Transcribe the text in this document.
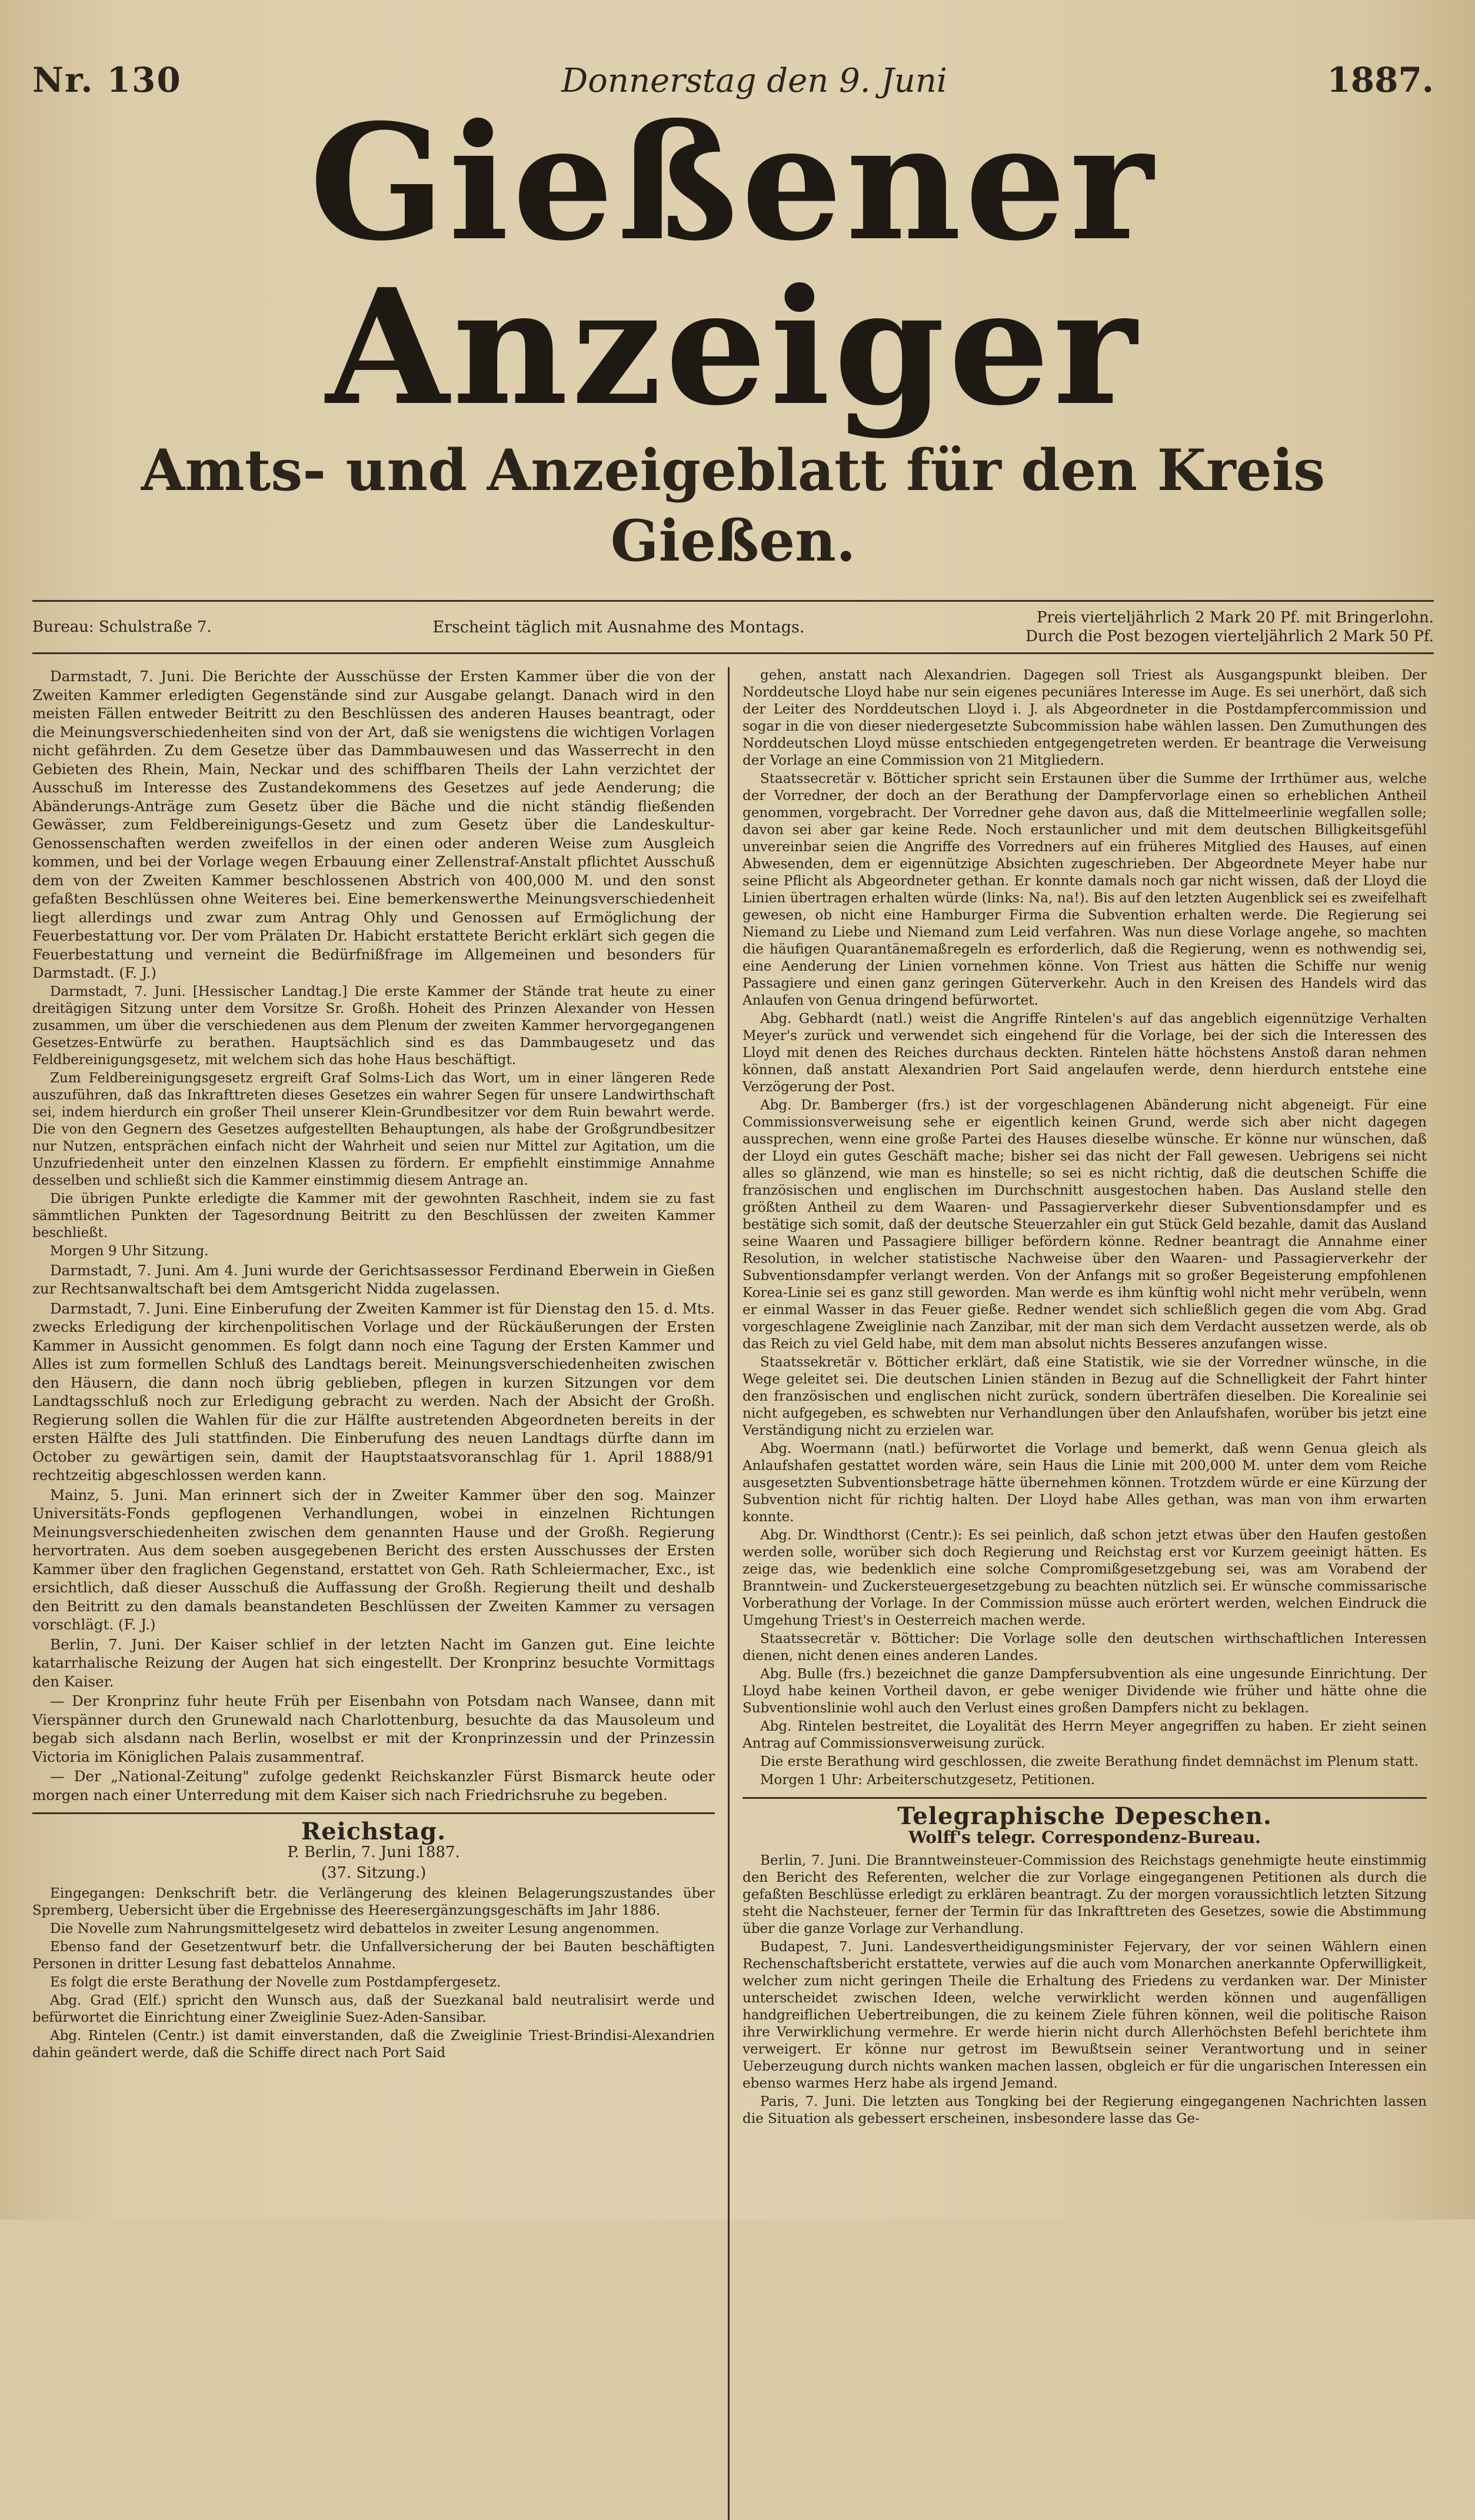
Nr. 130	Donnerstag den 9. Juni	1887.
Gießener Anzeiger
Amts- und Anzeigeblatt für den Kreis Gießen.
Bureau: Schulstraße 7.	Erscheint täglich mit Ausnahme des Montags.
Preis vierteljährlich 2 Mark 20 Pf. mit Bringerlohn.
Durch die Post bezogen vierteljährlich 2 Mark 50 Pf.

Darmstadt, 7. Juni. Die Berichte der Ausschüsse der Ersten Kammer über die von der Zweiten Kammer erledigten Gegenstände sind zur Ausgabe gelangt. Danach wird in den meisten Fällen entweder Beitritt zu den Beschlüssen des anderen Hauses beantragt, oder die Meinungsverschiedenheiten sind von der Art, daß sie wenigstens die wichtigen Vorlagen nicht gefährden. Zu dem Gesetze über das Dammbauwesen und das Wasserrecht in den Gebieten des Rhein, Main, Neckar und des schiffbaren Theils der Lahn verzichtet der Ausschuß im Interesse des Zustandekommens des Gesetzes auf jede Aenderung; die Abänderungs-Anträge zum Gesetz über die Bäche und die nicht ständig fließenden Gewässer, zum Feldbereinigungs-Gesetz und zum Gesetz über die Landeskultur-Genossenschaften werden zweifellos in der einen oder anderen Weise zum Ausgleich kommen, und bei der Vorlage wegen Erbauung einer Zellenstraf-Anstalt pflichtet Ausschuß dem von der Zweiten Kammer beschlossenen Abstrich von 400,000 M. und den sonst gefaßten Beschlüssen ohne Weiteres bei. Eine bemerkenswerthe Meinungsverschiedenheit liegt allerdings und zwar zum Antrag Ohly und Genossen auf Ermöglichung der Feuerbestattung vor. Der vom Prälaten Dr. Habicht erstattete Bericht erklärt sich gegen die Feuerbestattung und verneint die Bedürfnißfrage im Allgemeinen und besonders für Darmstadt. (F. J.)

Darmstadt, 7. Juni. [Hessischer Landtag.] Die erste Kammer der Stände trat heute zu einer dreitägigen Sitzung unter dem Vorsitze Sr. Großh. Hoheit des Prinzen Alexander von Hessen zusammen, um über die verschiedenen aus dem Plenum der zweiten Kammer hervorgegangenen Gesetzes-Entwürfe zu berathen. Hauptsächlich sind es das Dammbaugesetz und das Feldbereinigungsgesetz, mit welchem sich das hohe Haus beschäftigt.

Zum Feldbereinigungsgesetz ergreift Graf Solms-Lich das Wort, um in einer längeren Rede auszuführen, daß das Inkrafttreten dieses Gesetzes ein wahrer Segen für unsere Landwirthschaft sei, indem hierdurch ein großer Theil unserer Klein-Grundbesitzer vor dem Ruin bewahrt werde. Die von den Gegnern des Gesetzes aufgestellten Behauptungen, als habe der Großgrundbesitzer nur Nutzen, entsprächen einfach nicht der Wahrheit und seien nur Mittel zur Agitation, um die Unzufriedenheit unter den einzelnen Klassen zu fördern. Er empfiehlt einstimmige Annahme desselben und schließt sich die Kammer einstimmig diesem Antrage an.

Die übrigen Punkte erledigte die Kammer mit der gewohnten Raschheit, indem sie zu fast sämmtlichen Punkten der Tagesordnung Beitritt zu den Beschlüssen der zweiten Kammer beschließt.

Morgen 9 Uhr Sitzung.

Darmstadt, 7. Juni. Am 4. Juni wurde der Gerichtsassessor Ferdinand Eberwein in Gießen zur Rechtsanwaltschaft bei dem Amtsgericht Nidda zugelassen.

Darmstadt, 7. Juni. Eine Einberufung der Zweiten Kammer ist für Dienstag den 15. d. Mts. zwecks Erledigung der kirchenpolitischen Vorlage und der Rückäußerungen der Ersten Kammer in Aussicht genommen. Es folgt dann noch eine Tagung der Ersten Kammer und Alles ist zum formellen Schluß des Landtags bereit. Meinungsverschiedenheiten zwischen den Häusern, die dann noch übrig geblieben, pflegen in kurzen Sitzungen vor dem Landtagsschluß noch zur Erledigung gebracht zu werden. Nach der Absicht der Großh. Regierung sollen die Wahlen für die zur Hälfte austretenden Abgeordneten bereits in der ersten Hälfte des Juli stattfinden. Die Einberufung des neuen Landtags dürfte dann im October zu gewärtigen sein, damit der Hauptstaatsvoranschlag für 1. April 1888/91 rechtzeitig abgeschlossen werden kann.

Mainz, 5. Juni. Man erinnert sich der in Zweiter Kammer über den sog. Mainzer Universitäts-Fonds gepflogenen Verhandlungen, wobei in einzelnen Richtungen Meinungsverschiedenheiten zwischen dem genannten Hause und der Großh. Regierung hervortraten. Aus dem soeben ausgegebenen Bericht des ersten Ausschusses der Ersten Kammer über den fraglichen Gegenstand, erstattet von Geh. Rath Schleiermacher, Exc., ist ersichtlich, daß dieser Ausschuß die Auffassung der Großh. Regierung theilt und deshalb den Beitritt zu den damals beanstandeten Beschlüssen der Zweiten Kammer zu versagen vorschlägt. (F. J.)

Berlin, 7. Juni. Der Kaiser schlief in der letzten Nacht im Ganzen gut. Eine leichte katarrhalische Reizung der Augen hat sich eingestellt. Der Kronprinz besuchte Vormittags den Kaiser.

— Der Kronprinz fuhr heute Früh per Eisenbahn von Potsdam nach Wansee, dann mit Vierspänner durch den Grunewald nach Charlottenburg, besuchte da das Mausoleum und begab sich alsdann nach Berlin, woselbst er mit der Kronprinzessin und der Prinzessin Victoria im Königlichen Palais zusammentraf.

— Der „National-Zeitung" zufolge gedenkt Reichskanzler Fürst Bismarck heute oder morgen nach einer Unterredung mit dem Kaiser sich nach Friedrichsruhe zu begeben.

Reichstag.
P. Berlin, 7. Juni 1887.
(37. Sitzung.)

Eingegangen: Denkschrift betr. die Verlängerung des kleinen Belagerungszustandes über Spremberg, Uebersicht über die Ergebnisse des Heeresergänzungsgeschäfts im Jahr 1886.

Die Novelle zum Nahrungsmittelgesetz wird debattelos in zweiter Lesung angenommen.

Ebenso fand der Gesetzentwurf betr. die Unfallversicherung der bei Bauten beschäftigten Personen in dritter Lesung fast debattelos Annahme.

Es folgt die erste Berathung der Novelle zum Postdampfergesetz.

Abg. Grad (Elf.) spricht den Wunsch aus, daß der Suezkanal bald neutralisirt werde und befürwortet die Einrichtung einer Zweiglinie Suez-Aden-Sansibar.

Abg. Rintelen (Centr.) ist damit einverstanden, daß die Zweiglinie Triest-Brindisi-Alexandrien dahin geändert werde, daß die Schiffe direct nach Port Said

gehen, anstatt nach Alexandrien. Dagegen soll Triest als Ausgangspunkt bleiben. Der Norddeutsche Lloyd habe nur sein eigenes pecuniäres Interesse im Auge. Es sei unerhört, daß sich der Leiter des Norddeutschen Lloyd i. J. als Abgeordneter in die Postdampfercommission und sogar in die von dieser niedergesetzte Subcommission habe wählen lassen. Den Zumuthungen des Norddeutschen Lloyd müsse entschieden entgegengetreten werden. Er beantrage die Verweisung der Vorlage an eine Commission von 21 Mitgliedern.

Staatssecretär v. Bötticher spricht sein Erstaunen über die Summe der Irrthümer aus, welche der Vorredner, der doch an der Berathung der Dampfervorlage einen so erheblichen Antheil genommen, vorgebracht. Der Vorredner gehe davon aus, daß die Mittelmeerlinie wegfallen solle; davon sei aber gar keine Rede. Noch erstaunlicher und mit dem deutschen Billigkeitsgefühl unvereinbar seien die Angriffe des Vorredners auf ein früheres Mitglied des Hauses, auf einen Abwesenden, dem er eigennützige Absichten zugeschrieben. Der Abgeordnete Meyer habe nur seine Pflicht als Abgeordneter gethan. Er konnte damals noch gar nicht wissen, daß der Lloyd die Linien übertragen erhalten würde (links: Na, na!). Bis auf den letzten Augenblick sei es zweifelhaft gewesen, ob nicht eine Hamburger Firma die Subvention erhalten werde. Die Regierung sei Niemand zu Liebe und Niemand zum Leid verfahren. Was nun diese Vorlage angehe, so machten die häufigen Quarantänemaßregeln es erforderlich, daß die Regierung, wenn es nothwendig sei, eine Aenderung der Linien vornehmen könne. Von Triest aus hätten die Schiffe nur wenig Passagiere und einen ganz geringen Güterverkehr. Auch in den Kreisen des Handels wird das Anlaufen von Genua dringend befürwortet.

Abg. Gebhardt (natl.) weist die Angriffe Rintelen's auf das angeblich eigennützige Verhalten Meyer's zurück und verwendet sich eingehend für die Vorlage, bei der sich die Interessen des Lloyd mit denen des Reiches durchaus deckten. Rintelen hätte höchstens Anstoß daran nehmen können, daß anstatt Alexandrien Port Said angelaufen werde, denn hierdurch entstehe eine Verzögerung der Post.

Abg. Dr. Bamberger (frs.) ist der vorgeschlagenen Abänderung nicht abgeneigt. Für eine Commissionsverweisung sehe er eigentlich keinen Grund, werde sich aber nicht dagegen aussprechen, wenn eine große Partei des Hauses dieselbe wünsche. Er könne nur wünschen, daß der Lloyd ein gutes Geschäft mache; bisher sei das nicht der Fall gewesen. Uebrigens sei nicht alles so glänzend, wie man es hinstelle; so sei es nicht richtig, daß die deutschen Schiffe die französischen und englischen im Durchschnitt ausgestochen haben. Das Ausland stelle den größten Antheil zu dem Waaren- und Passagierverkehr dieser Subventionsdampfer und es bestätige sich somit, daß der deutsche Steuerzahler ein gut Stück Geld bezahle, damit das Ausland seine Waaren und Passagiere billiger befördern könne. Redner beantragt die Annahme einer Resolution, in welcher statistische Nachweise über den Waaren- und Passagierverkehr der Subventionsdampfer verlangt werden. Von der Anfangs mit so großer Begeisterung empfohlenen Korea-Linie sei es ganz still geworden. Man werde es ihm künftig wohl nicht mehr verübeln, wenn er einmal Wasser in das Feuer gieße. Redner wendet sich schließlich gegen die vom Abg. Grad vorgeschlagene Zweiglinie nach Zanzibar, mit der man sich dem Verdacht aussetzen werde, als ob das Reich zu viel Geld habe, mit dem man absolut nichts Besseres anzufangen wisse.

Staatssekretär v. Bötticher erklärt, daß eine Statistik, wie sie der Vorredner wünsche, in die Wege geleitet sei. Die deutschen Linien ständen in Bezug auf die Schnelligkeit der Fahrt hinter den französischen und englischen nicht zurück, sondern überträfen dieselben. Die Korealinie sei nicht aufgegeben, es schwebten nur Verhandlungen über den Anlaufshafen, worüber bis jetzt eine Verständigung nicht zu erzielen war.

Abg. Woermann (natl.) befürwortet die Vorlage und bemerkt, daß wenn Genua gleich als Anlaufshafen gestattet worden wäre, sein Haus die Linie mit 200,000 M. unter dem vom Reiche ausgesetzten Subventionsbetrage hätte übernehmen können. Trotzdem würde er eine Kürzung der Subvention nicht für richtig halten. Der Lloyd habe Alles gethan, was man von ihm erwarten konnte.

Abg. Dr. Windthorst (Centr.): Es sei peinlich, daß schon jetzt etwas über den Haufen gestoßen werden solle, worüber sich doch Regierung und Reichstag erst vor Kurzem geeinigt hätten. Es zeige das, wie bedenklich eine solche Compromißgesetzgebung sei, was am Vorabend der Branntwein- und Zuckersteuergesetzgebung zu beachten nützlich sei. Er wünsche commissarische Vorberathung der Vorlage. In der Commission müsse auch erörtert werden, welchen Eindruck die Umgehung Triest's in Oesterreich machen werde.

Staatssecretär v. Bötticher: Die Vorlage solle den deutschen wirthschaftlichen Interessen dienen, nicht denen eines anderen Landes.

Abg. Bulle (frs.) bezeichnet die ganze Dampfersubvention als eine ungesunde Einrichtung. Der Lloyd habe keinen Vortheil davon, er gebe weniger Dividende wie früher und hätte ohne die Subventionslinie wohl auch den Verlust eines großen Dampfers nicht zu beklagen.

Abg. Rintelen bestreitet, die Loyalität des Herrn Meyer angegriffen zu haben. Er zieht seinen Antrag auf Commissionsverweisung zurück.

Die erste Berathung wird geschlossen, die zweite Berathung findet demnächst im Plenum statt.

Morgen 1 Uhr: Arbeiterschutzgesetz, Petitionen.

Telegraphische Depeschen.
Wolff's telegr. Correspondenz-Bureau.

Berlin, 7. Juni. Die Branntweinsteuer-Commission des Reichstags genehmigte heute einstimmig den Bericht des Referenten, welcher die zur Vorlage eingegangenen Petitionen als durch die gefaßten Beschlüsse erledigt zu erklären beantragt. Zu der morgen voraussichtlich letzten Sitzung steht die Nachsteuer, ferner der Termin für das Inkrafttreten des Gesetzes, sowie die Abstimmung über die ganze Vorlage zur Verhandlung.

Budapest, 7. Juni. Landesvertheidigungsminister Fejervary, der vor seinen Wählern einen Rechenschaftsbericht erstattete, verwies auf die auch vom Monarchen anerkannte Opferwilligkeit, welcher zum nicht geringen Theile die Erhaltung des Friedens zu verdanken war. Der Minister unterscheidet zwischen Ideen, welche verwirklicht werden können und augenfälligen handgreiflichen Uebertreibungen, die zu keinem Ziele führen können, weil die politische Raison ihre Verwirklichung vermehre. Er werde hierin nicht durch Allerhöchsten Befehl berichtete ihm verweigert. Er könne nur getrost im Bewußtsein seiner Verantwortung und in seiner Ueberzeugung durch nichts wanken machen lassen, obgleich er für die ungarischen Interessen ein ebenso warmes Herz habe als irgend Jemand.

Paris, 7. Juni. Die letzten aus Tongking bei der Regierung eingegangenen Nachrichten lassen die Situation als gebessert erscheinen, insbesondere lasse das Ge-
